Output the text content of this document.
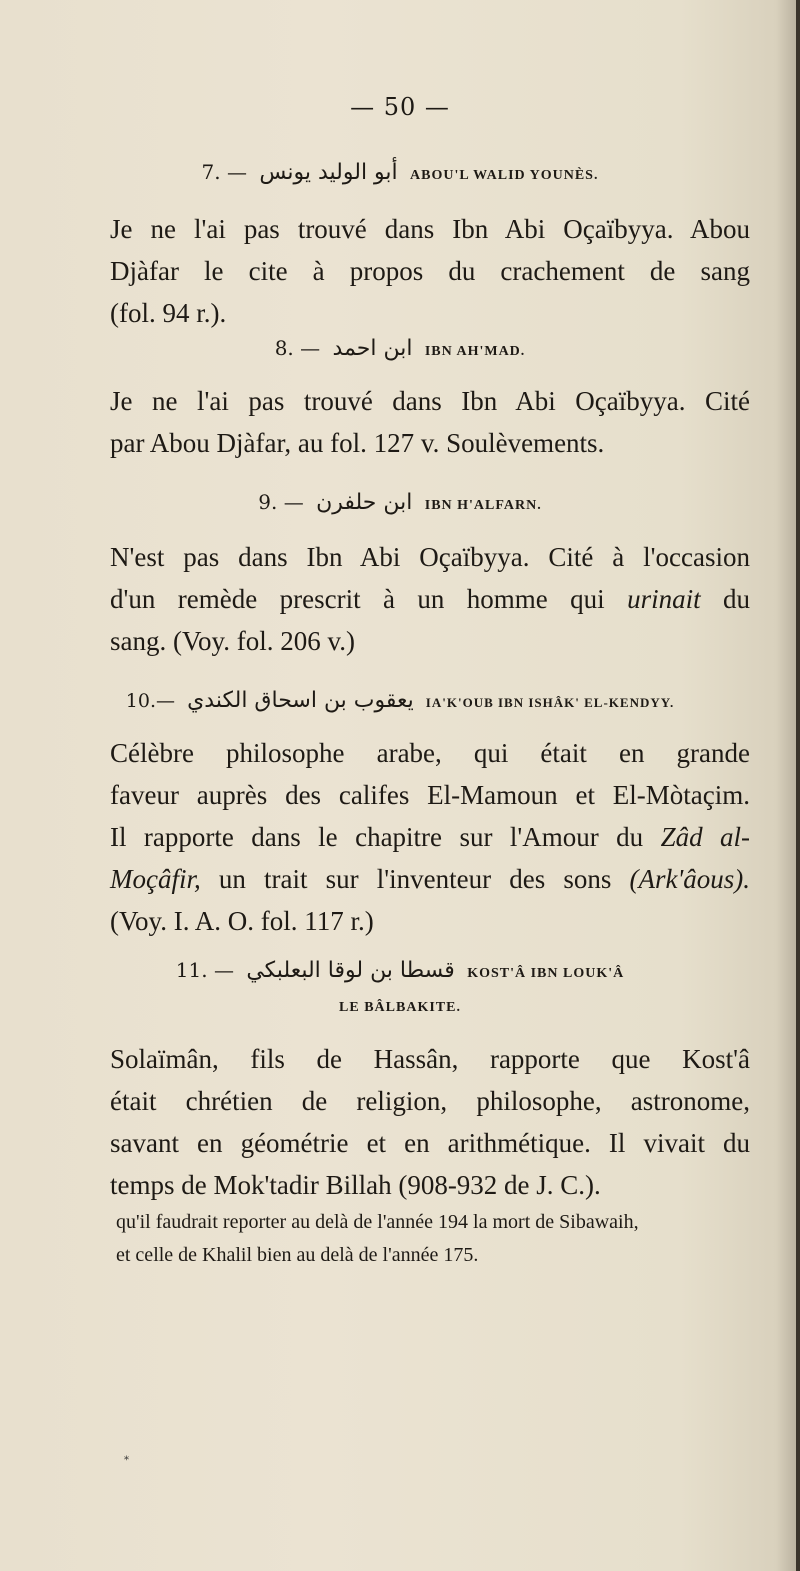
— 50 —
7. — أبو الوليد يونس ABOU'L WALID YOUNÈS.
Je ne l'ai pas trouvé dans Ibn Abi Oçaïbyya. Abou
Djàfar le cite à propos du crachement de sang
(fol. 94 r.).
8. — ابن احمد IBN AH'MAD.
Je ne l'ai pas trouvé dans Ibn Abi Oçaïbyya. Cité
par Abou Djàfar, au fol. 127 v. Soulèvements.
9. — ابن حلفرن IBN H'ALFARN.
N'est pas dans Ibn Abi Oçaïbyya. Cité à l'occasion
d'un remède prescrit à un homme qui urinait du
sang. (Voy. fol. 206 v.)
10.— يعقوب بن اسحاق الكندي IA'K'OUB IBN ISHÂK' EL-KENDYY.
Célèbre philosophe arabe, qui était en grande
faveur auprès des califes El-Mamoun et El-Mòtaçim.
Il rapporte dans le chapitre sur l'Amour du Zâd al-
Moçâfir, un trait sur l'inventeur des sons (Ark'âous).
(Voy. I. A. O. fol. 117 r.)
11. — قسطا بن لوقا البعلبكي KOST'Â IBN LOUK'Â
LE BÂLBAKITE.
Solaïmân, fils de Hassân, rapporte que Kost'â
était chrétien de religion, philosophe, astronome,
savant en géométrie et en arithmétique. Il vivait du
temps de Mok'tadir Billah (908-932 de J. C.).
qu'il faudrait reporter au delà de l'année 194 la mort de Sibawaih,
et celle de Khalil bien au delà de l'année 175.
*
